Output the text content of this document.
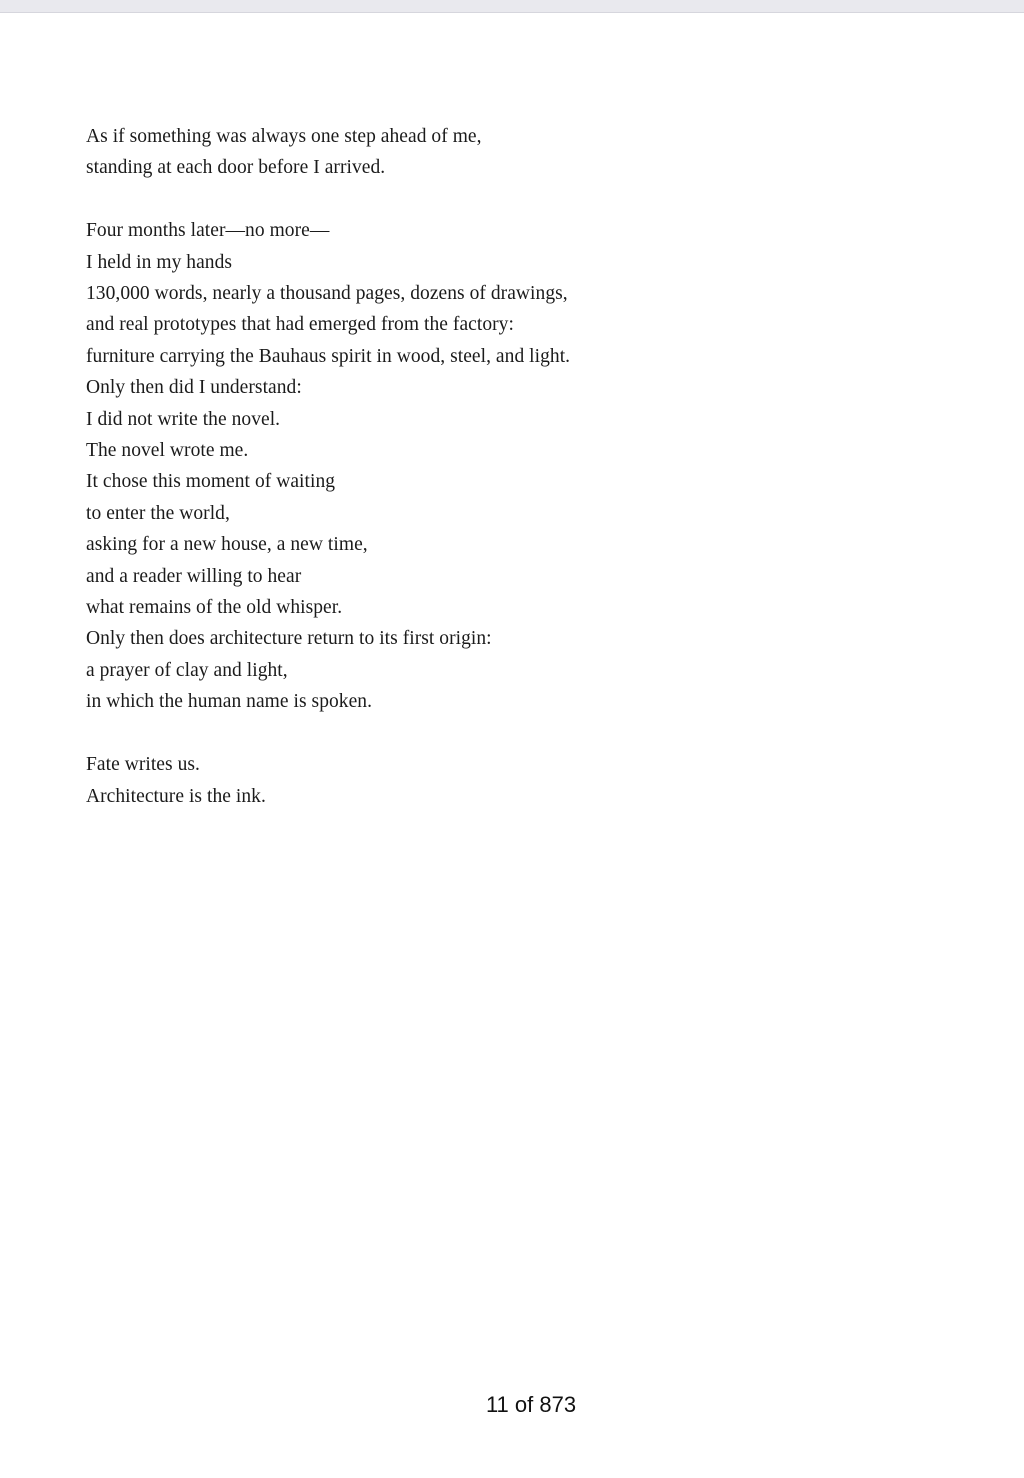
As if something was always one step ahead of me,
standing at each door before I arrived.
Four months later—no more—
I held in my hands
130,000 words, nearly a thousand pages, dozens of drawings,
and real prototypes that had emerged from the factory:
furniture carrying the Bauhaus spirit in wood, steel, and light.
Only then did I understand:
I did not write the novel.
The novel wrote me.
It chose this moment of waiting
to enter the world,
asking for a new house, a new time,
and a reader willing to hear
what remains of the old whisper.
Only then does architecture return to its first origin:
a prayer of clay and light,
in which the human name is spoken.
Fate writes us.
Architecture is the ink.
11 of 873
